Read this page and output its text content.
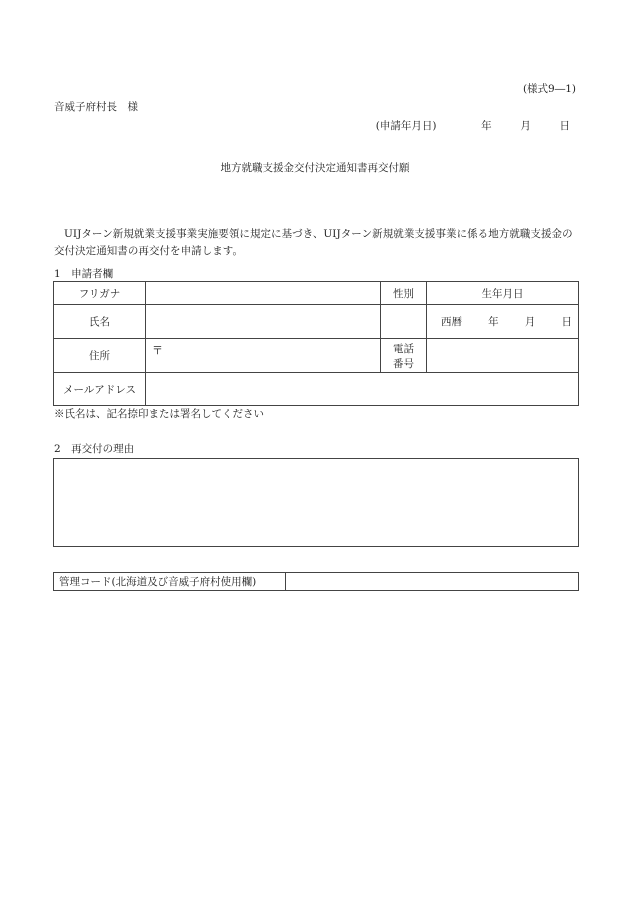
(様式9―1)
音威子府村長　様
(申請年月日)	年	月	日
地方就職支援金交付決定通知書再交付願
UIJターン新規就業支援事業実施要領に規定に基づき、UIJターン新規就業支援事業に係る地方就職支援金の交付決定通知書の再交付を申請します。
1　申請者欄
フリガナ		性別	生年月日
氏名			西暦 年 月 日

住所	〒	電話
番号	

メールアドレス			
※氏名は、記名捺印または署名してください
2　再交付の理由
管理コード(北海道及び音威子府村使用欄)	
